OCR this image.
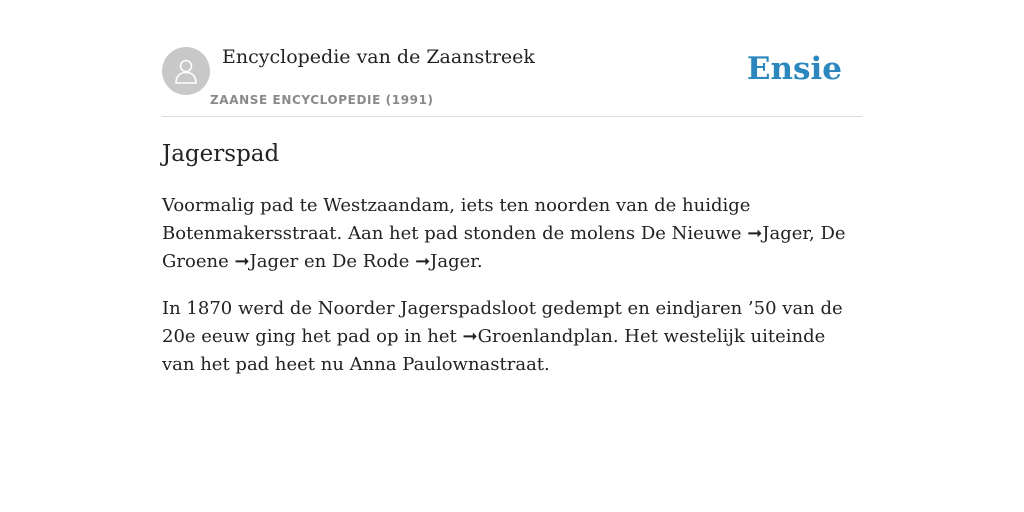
Encyclopedie van de Zaanstreek
ZAANSE ENCYCLOPEDIE (1991)
Ensie
Jagerspad

Voormalig pad te Westzaandam, iets ten noorden van de huidige Botenmakersstraat. Aan het pad stonden de molens De Nieuwe ➞Jager, De Groene ➞Jager en De Rode ➞Jager.

In 1870 werd de Noorder Jagerspadsloot gedempt en eindjaren ’50 van de 20e eeuw ging het pad op in het ➞Groenlandplan. Het westelijk uiteinde van het pad heet nu Anna Paulownastraat.
